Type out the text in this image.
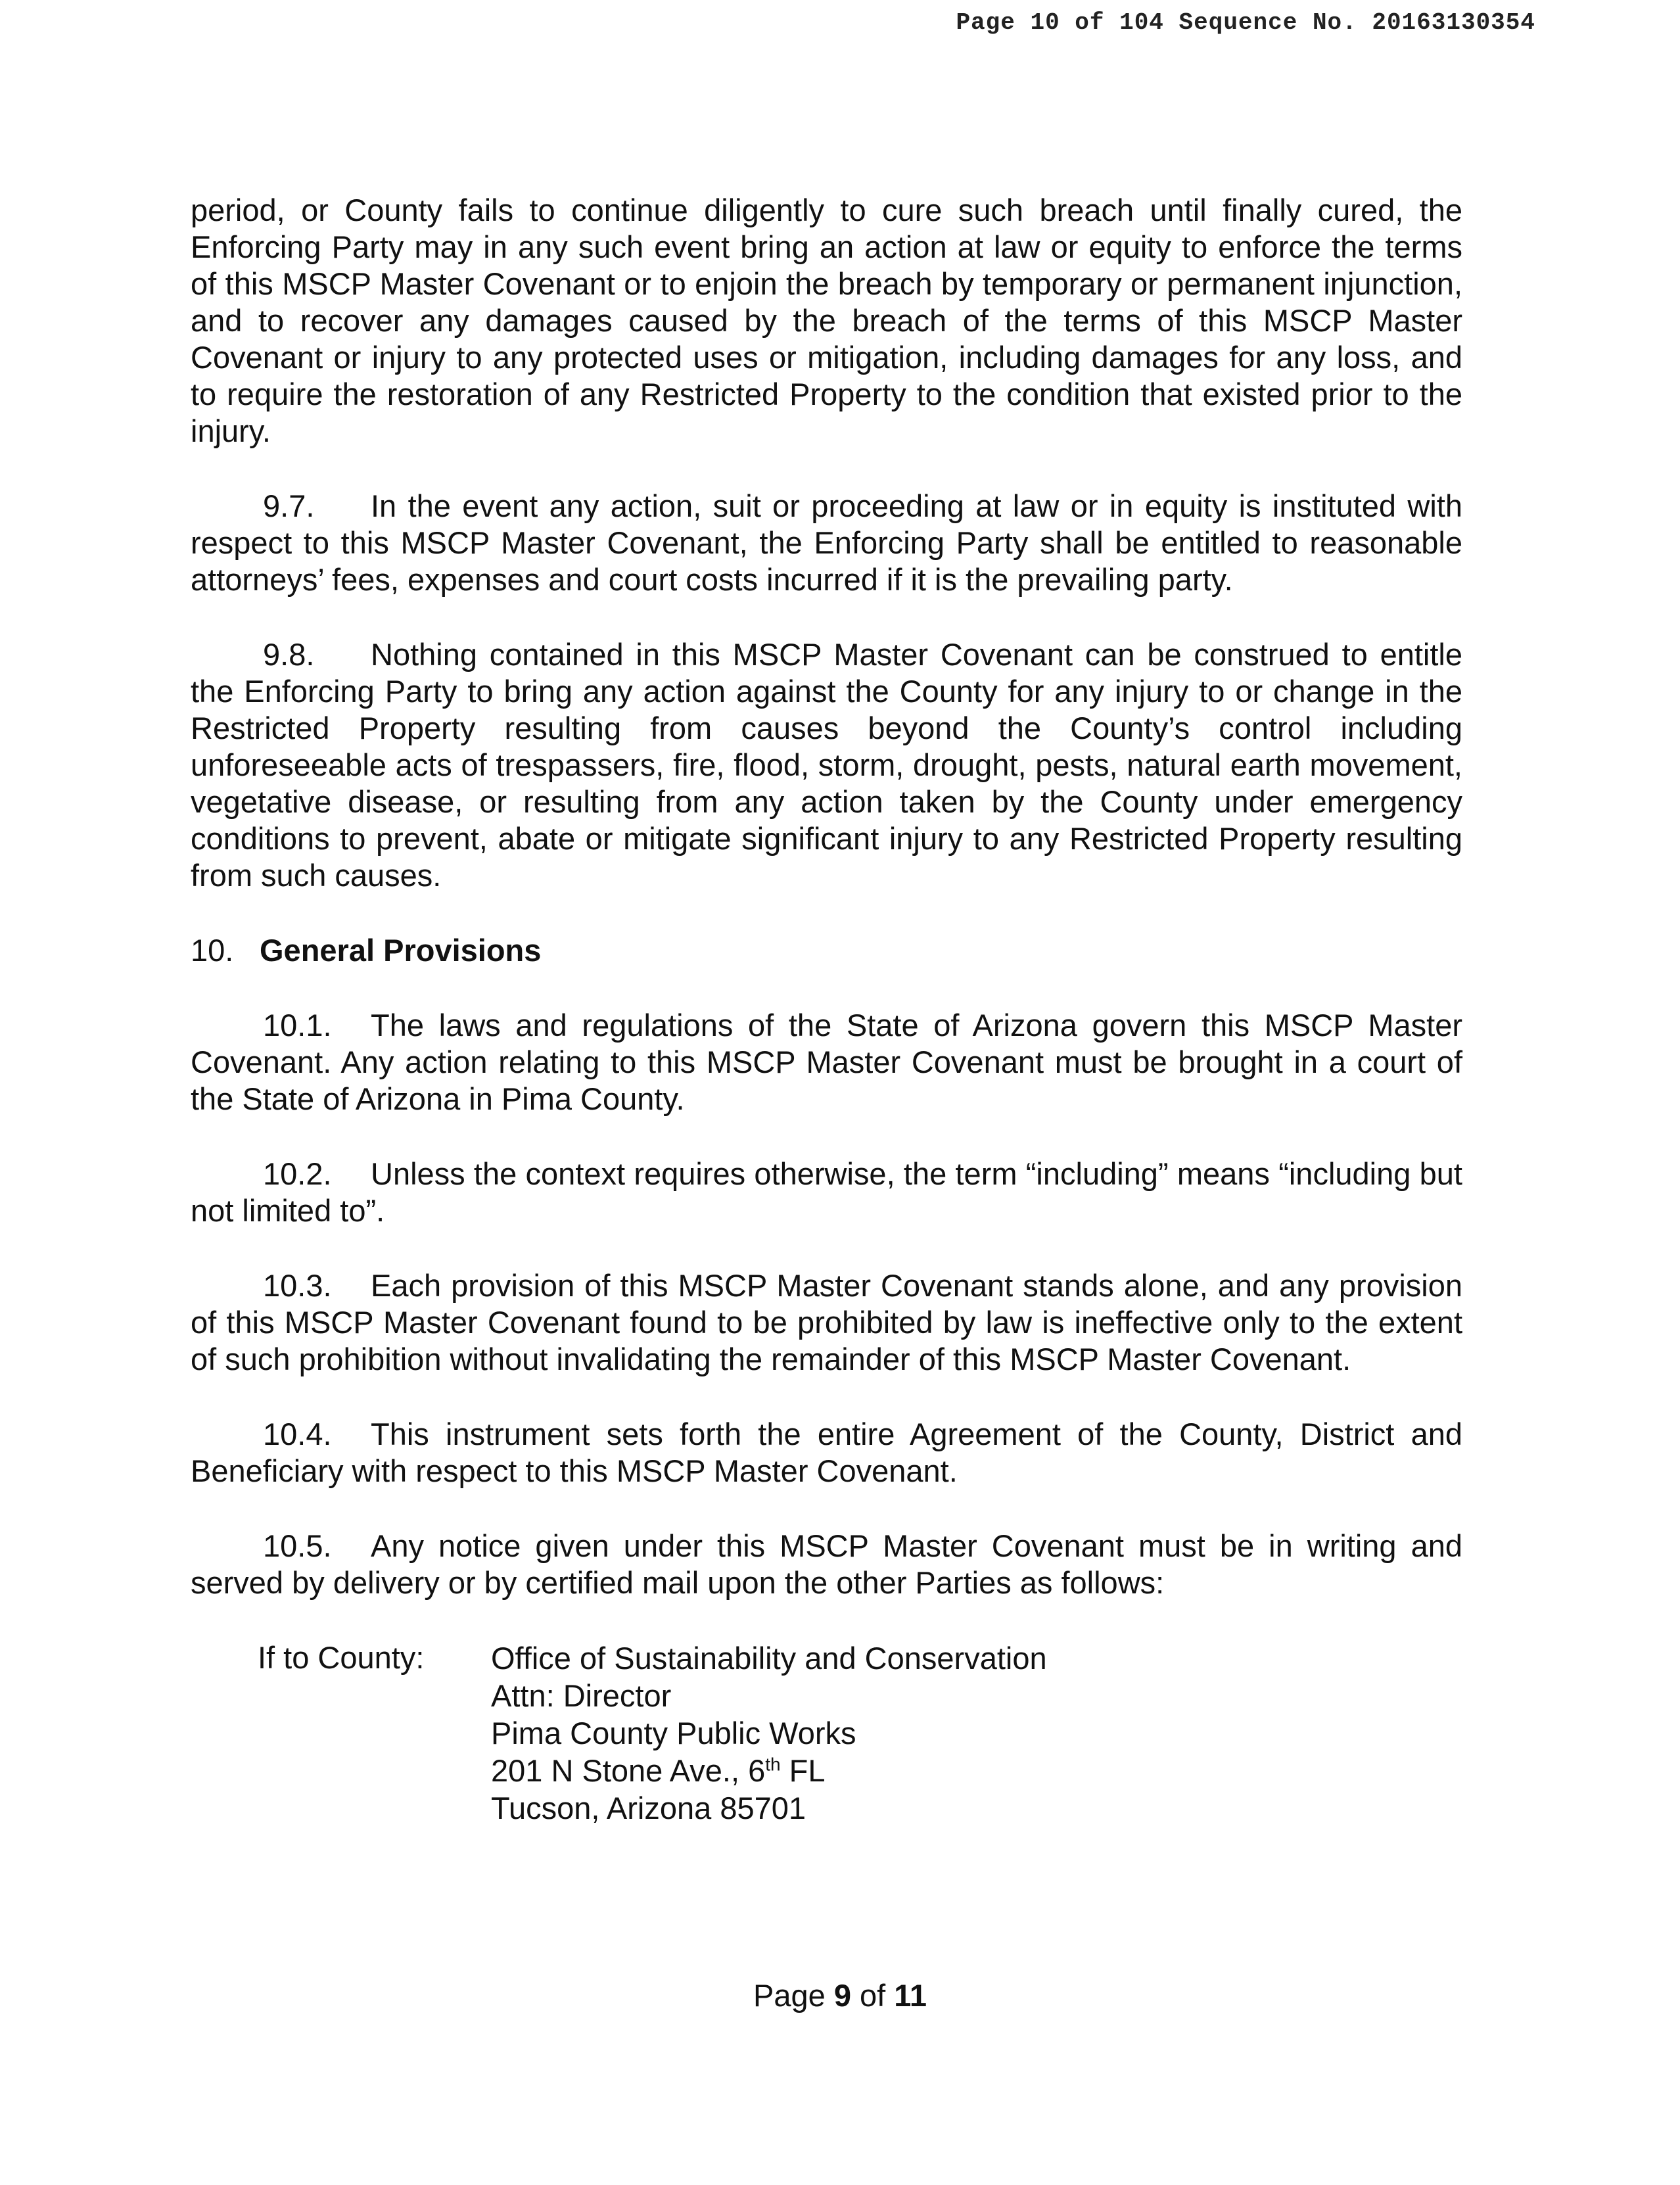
Page 10 of 104 Sequence No. 20163130354

period, or County fails to continue diligently to cure such breach until finally cured, the Enforcing Party may in any such event bring an action at law or equity to enforce the terms of this MSCP Master Covenant or to enjoin the breach by temporary or permanent injunction, and to recover any damages caused by the breach of the terms of this MSCP Master Covenant or injury to any protected uses or mitigation, including damages for any loss, and to require the restoration of any Restricted Property to the condition that existed prior to the injury.

9.7. In the event any action, suit or proceeding at law or in equity is instituted with respect to this MSCP Master Covenant, the Enforcing Party shall be entitled to reasonable attorneys’ fees, expenses and court costs incurred if it is the prevailing party.

9.8. Nothing contained in this MSCP Master Covenant can be construed to entitle the Enforcing Party to bring any action against the County for any injury to or change in the Restricted Property resulting from causes beyond the County’s control including unforeseeable acts of trespassers, fire, flood, storm, drought, pests, natural earth movement, vegetative disease, or resulting from any action taken by the County under emergency conditions to prevent, abate or mitigate significant injury to any Restricted Property resulting from such causes.

10. General Provisions

10.1. The laws and regulations of the State of Arizona govern this MSCP Master Covenant. Any action relating to this MSCP Master Covenant must be brought in a court of the State of Arizona in Pima County.

10.2. Unless the context requires otherwise, the term “including” means “including but not limited to”.

10.3. Each provision of this MSCP Master Covenant stands alone, and any provision of this MSCP Master Covenant found to be prohibited by law is ineffective only to the extent of such prohibition without invalidating the remainder of this MSCP Master Covenant.

10.4. This instrument sets forth the entire Agreement of the County, District and Beneficiary with respect to this MSCP Master Covenant.

10.5. Any notice given under this MSCP Master Covenant must be in writing and served by delivery or by certified mail upon the other Parties as follows:

If to County:	Office of Sustainability and Conservation
Attn: Director
Pima County Public Works
201 N Stone Ave., 6th FL
Tucson, Arizona 85701
Page 9 of 11
